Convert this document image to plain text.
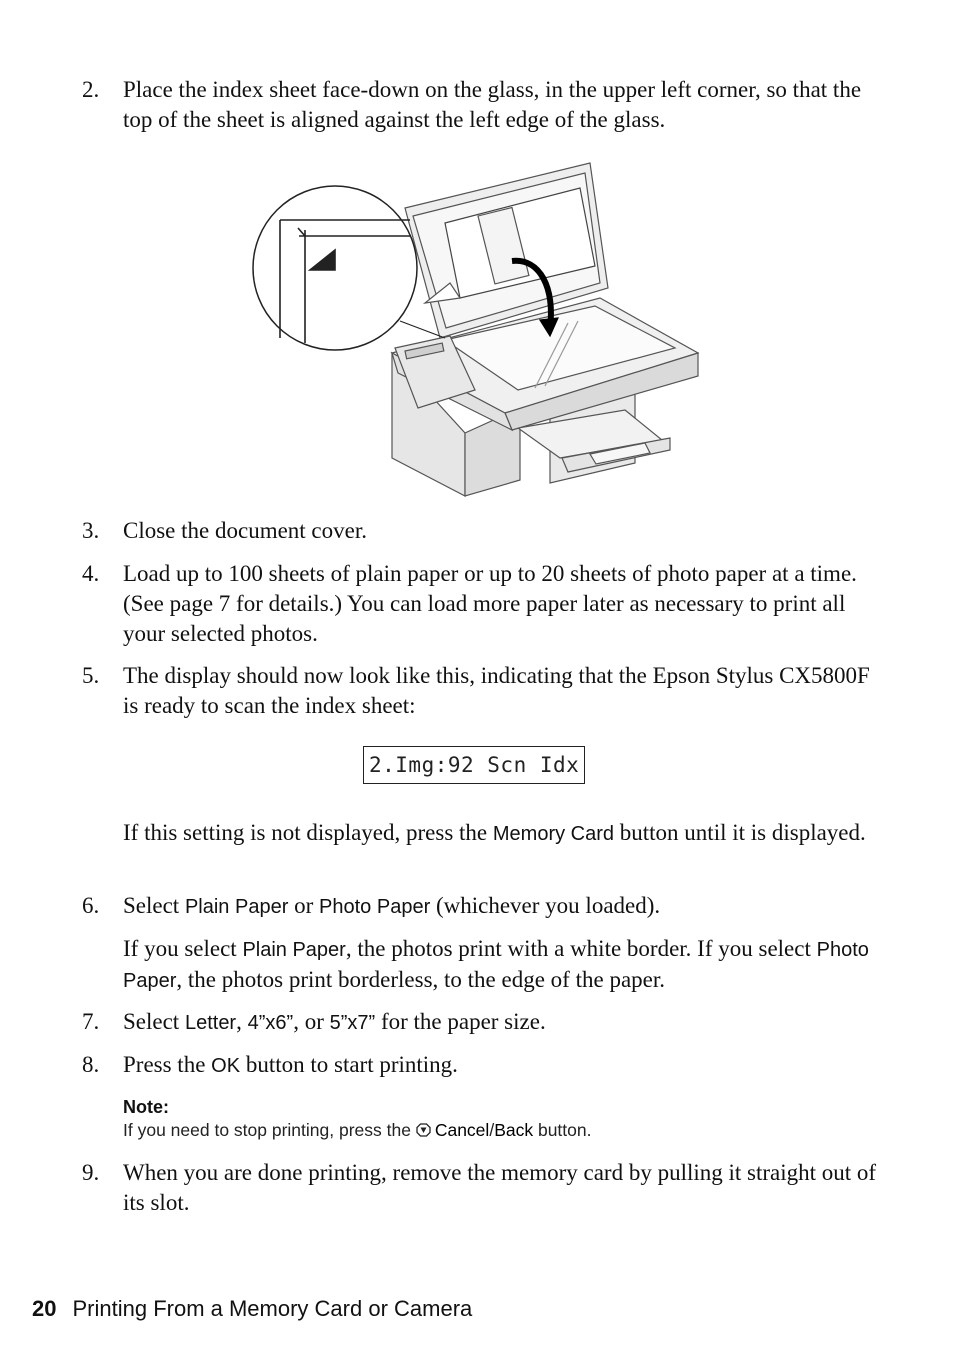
2. Place the index sheet face-down on the glass, in the upper left corner, so that the top of the sheet is aligned against the left edge of the glass.
3. Close the document cover.
4. Load up to 100 sheets of plain paper or up to 20 sheets of photo paper at a time. (See page 7 for details.) You can load more paper later as necessary to print all your selected photos.
5. The display should now look like this, indicating that the Epson Stylus CX5800F is ready to scan the index sheet:
2.Img:92 Scn Idx
If this setting is not displayed, press the Memory Card button until it is displayed.
6. Select Plain Paper or Photo Paper (whichever you loaded).
If you select Plain Paper, the photos print with a white border. If you select Photo Paper, the photos print borderless, to the edge of the paper.
7. Select Letter, 4”x6”, or 5”x7” for the paper size.
8. Press the OK button to start printing.
Note:
If you need to stop printing, press the Cancel/Back button.
9. When you are done printing, remove the memory card by pulling it straight out of its slot.
20 Printing From a Memory Card or Camera
